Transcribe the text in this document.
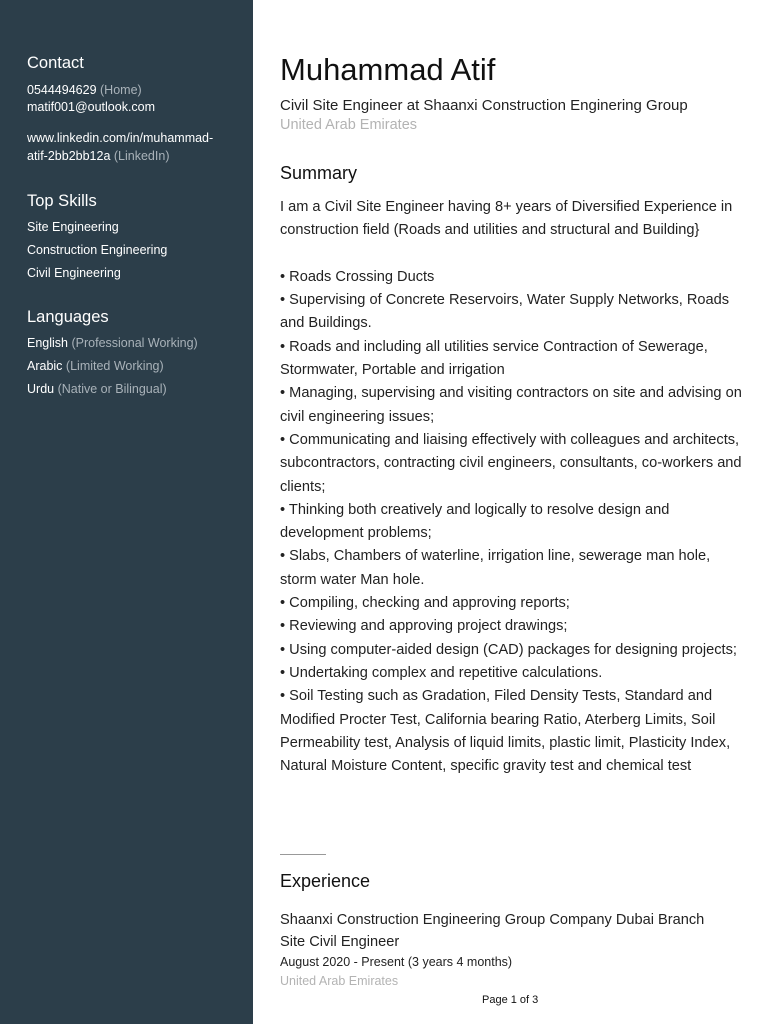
Contact
0544494629 (Home)
matif001@outlook.com
www.linkedin.com/in/muhammad-
atif-2bb2bb12a (LinkedIn)
Top Skills
Site Engineering
Construction Engineering
Civil Engineering
Languages
English (Professional Working)
Arabic (Limited Working)
Urdu (Native or Bilingual)
Muhammad Atif
Civil Site Engineer at Shaanxi Construction Enginering Group
United Arab Emirates
Summary

I am a Civil Site Engineer having 8+ years of Diversified Experience in construction field (Roads and utilities and structural and Building}

• Roads Crossing Ducts

• Supervising of Concrete Reservoirs, Water Supply Networks, Roads and Buildings.

• Roads and including all utilities service Contraction of Sewerage, Stormwater, Portable and irrigation

• Managing, supervising and visiting contractors on site and advising on civil engineering issues;

• Communicating and liaising effectively with colleagues and architects, subcontractors, contracting civil engineers, consultants, co-workers and clients;

• Thinking both creatively and logically to resolve design and development problems;

• Slabs, Chambers of waterline, irrigation line, sewerage man hole, storm water Man hole.

• Compiling, checking and approving reports;

• Reviewing and approving project drawings;

• Using computer-aided design (CAD) packages for designing projects;

• Undertaking complex and repetitive calculations.

• Soil Testing such as Gradation, Filed Density Tests, Standard and Modified Procter Test, California bearing Ratio, Aterberg Limits, Soil Permeability test, Analysis of liquid limits, plastic limit, Plasticity Index, Natural Moisture Content, specific gravity test and chemical test

Experience
Shaanxi Construction Engineering Group Company Dubai Branch
Site Civil Engineer
August 2020 - Present (3 years 4 months)
United Arab Emirates
Page 1 of 3
